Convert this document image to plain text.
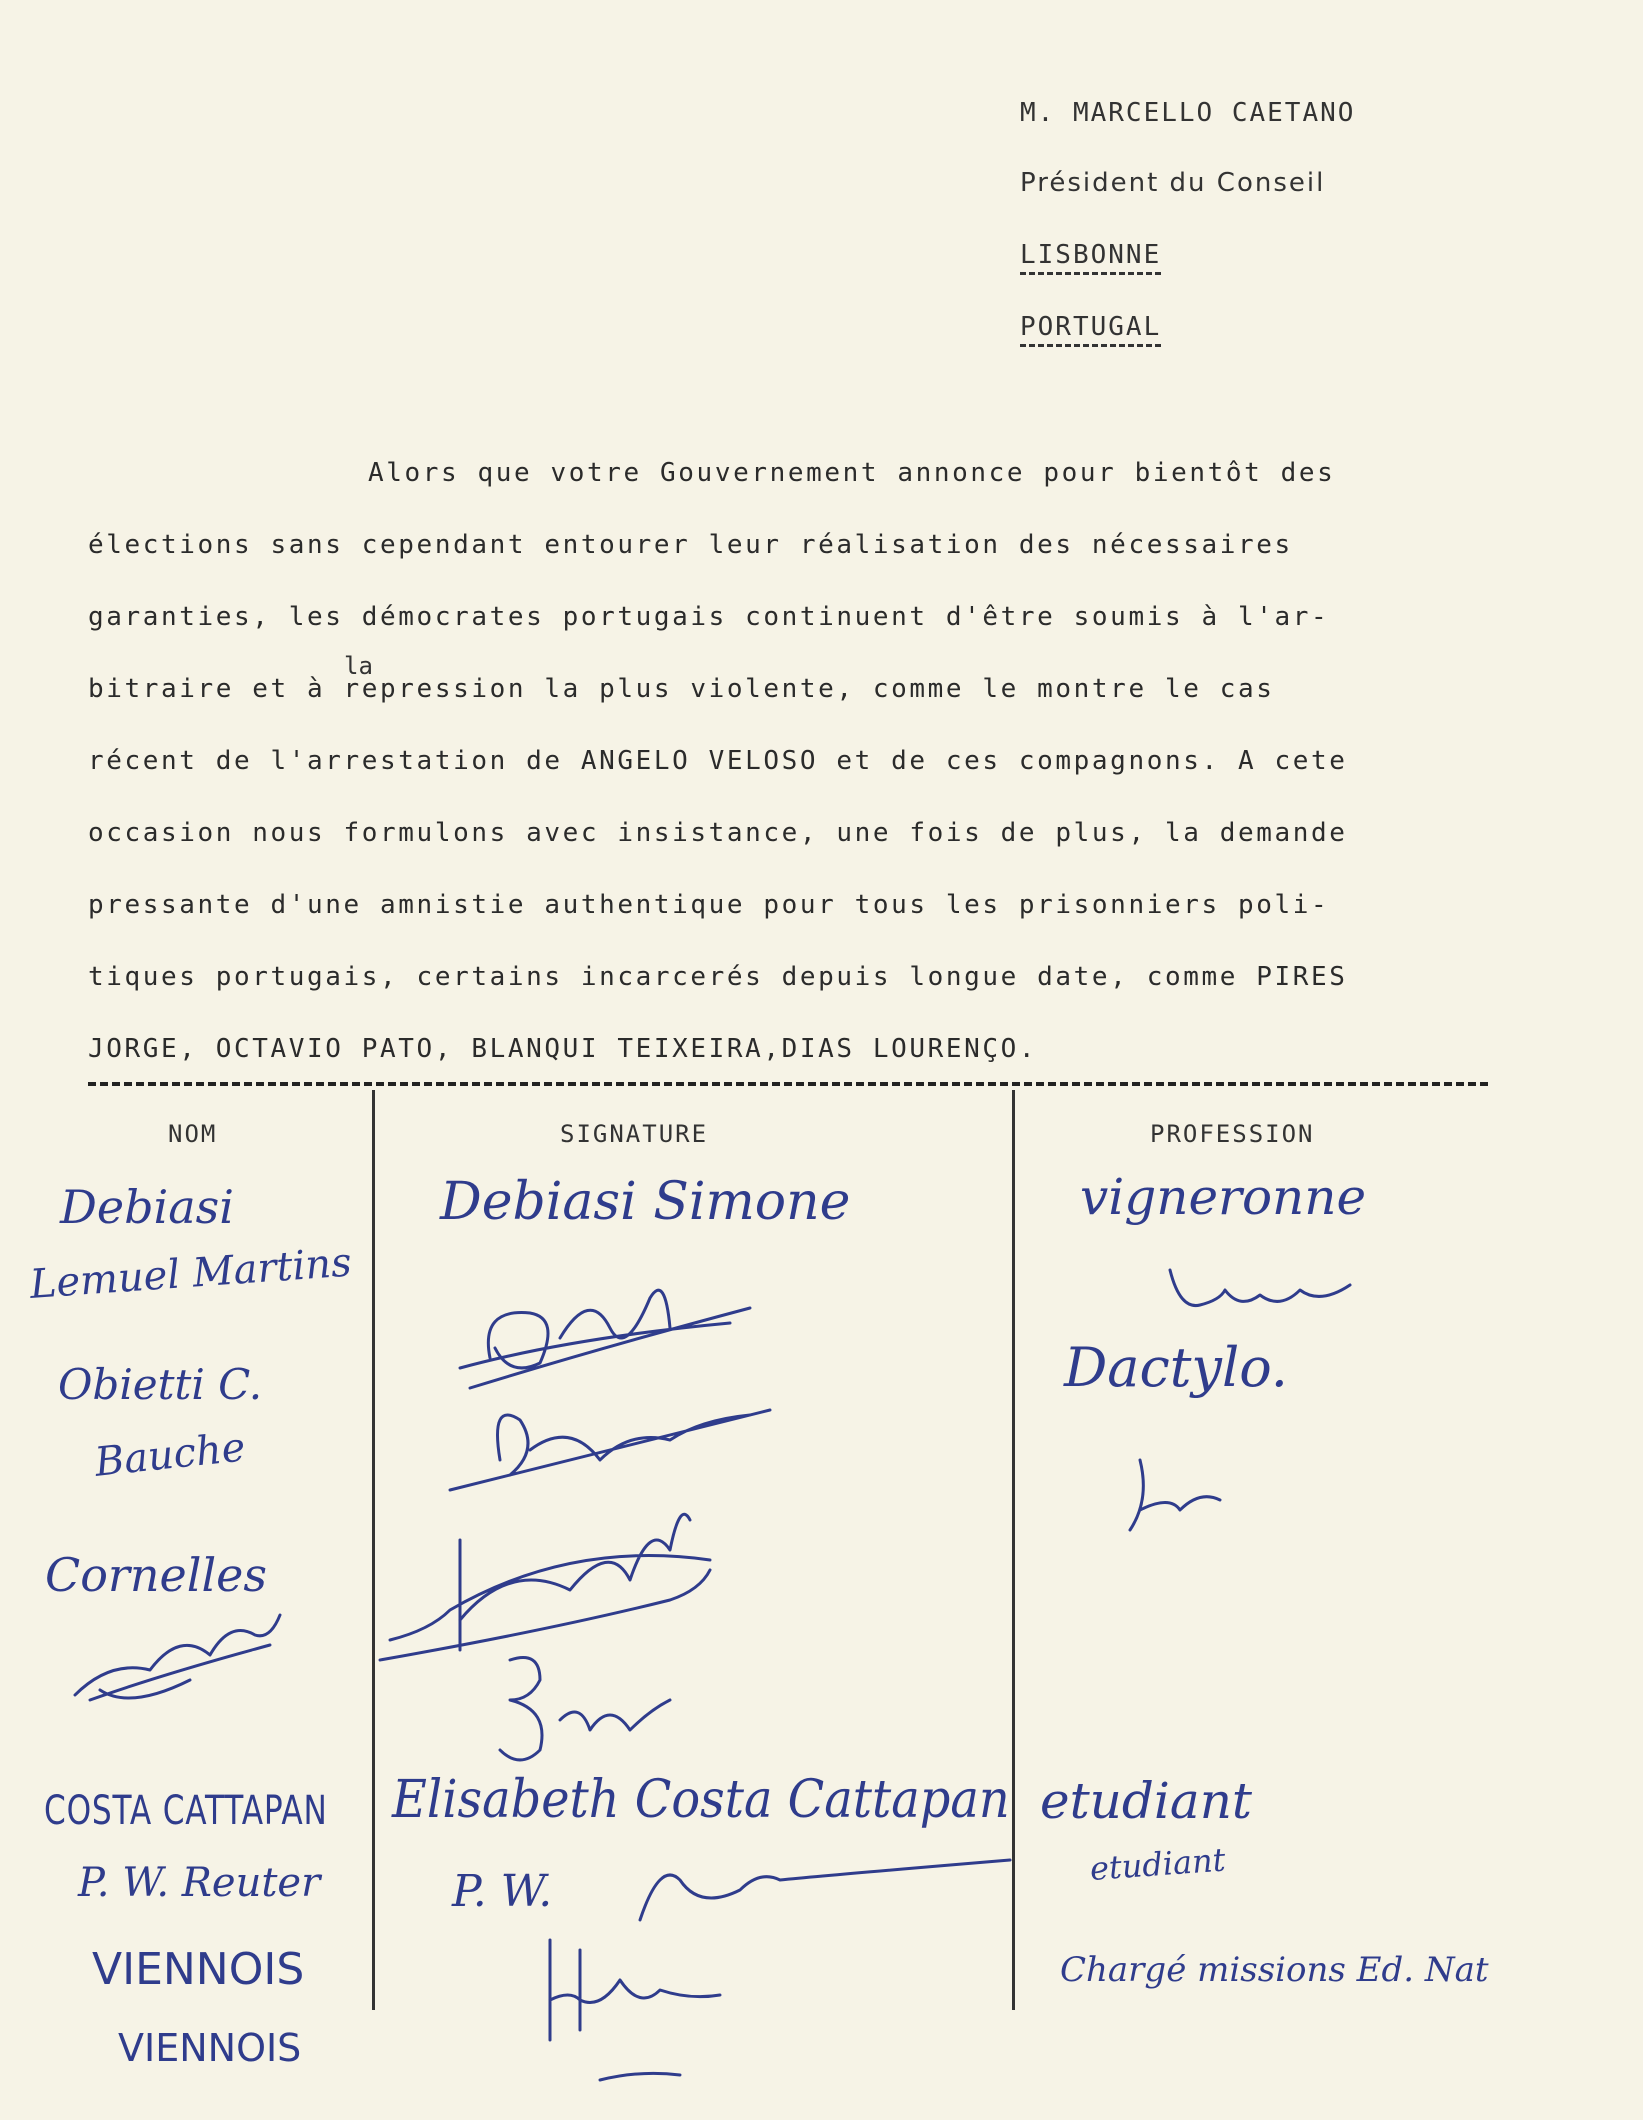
M. MARCELLO CAETANO
Président du Conseil
LISBONNE
PORTUGAL
Alors que votre Gouvernement annonce pour bientôt des
élections sans cependant entourer leur réalisation des nécessaires
garanties, les démocrates portugais continuent d'être soumis à l'ar-
la
bitraire et à repression la plus violente, comme le montre le cas
récent de l'arrestation de ANGELO VELOSO et de ces compagnons. A cete
occasion nous formulons avec insistance, une fois de plus, la demande
pressante d'une amnistie authentique pour tous les prisonniers poli-
tiques portugais, certains incarcerés depuis longue date, comme PIRES
JORGE, OCTAVIO PATO, BLANQUI TEIXEIRA,DIAS LOURENÇO.
NOM	SIGNATURE	PROFESSION
Debiasi
Lemuel Martins
Obietti C.
Bauche
Cornelles
COSTA CATTAPAN
P. W. Reuter
VIENNOIS
VIENNOIS
Debiasi Simone
Elisabeth Costa Cattapan
P. W.
vigneronne
Dactylo.
etudiant
etudiant
Chargé missions Ed. Nat
